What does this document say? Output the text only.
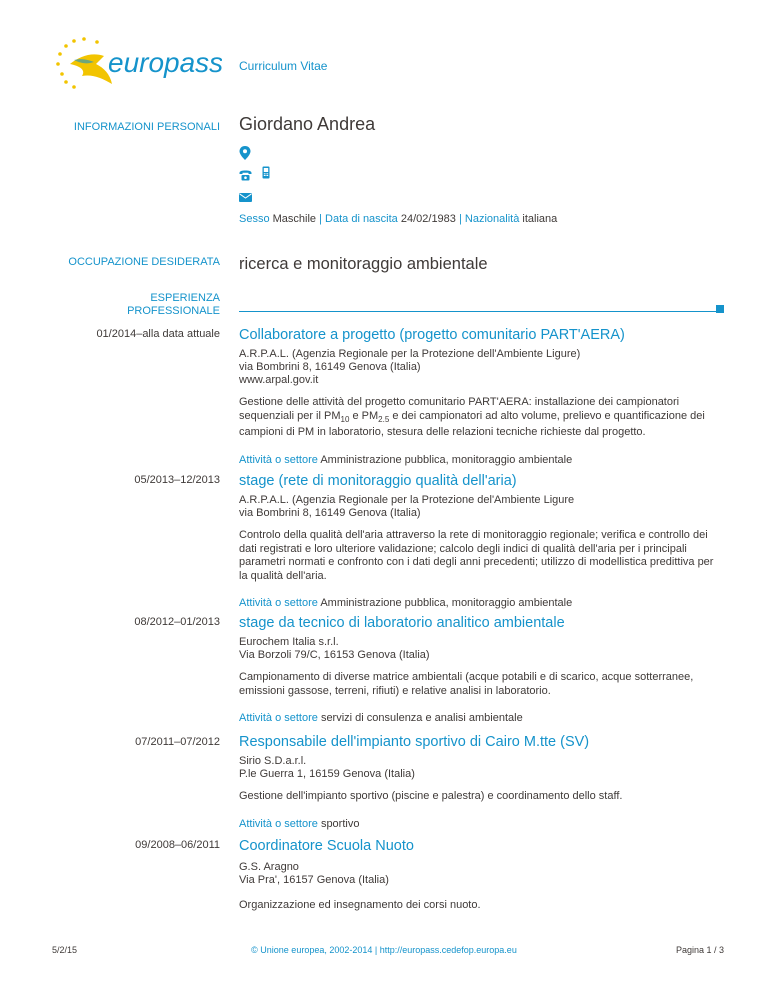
europass Curriculum Vitae
INFORMAZIONI PERSONALI Giordano Andrea
Sesso Maschile | Data di nascita 24/02/1983 | Nazionalità italiana
OCCUPAZIONE DESIDERATA ricerca e monitoraggio ambientale
ESPERIENZA
PROFESSIONALE
01/2014–alla data attuale Collaboratore a progetto (progetto comunitario PART'AERA)
A.R.P.A.L. (Agenzia Regionale per la Protezione dell'Ambiente Ligure)
via Bombrini 8, 16149 Genova (Italia)
www.arpal.gov.it
Gestione delle attività del progetto comunitario PART'AERA: installazione dei campionatori sequenziali per il $PM_{10}$ e $PM_{2.5}$ e dei campionatori ad alto volume, prelievo e quantificazione dei campioni di PM in laboratorio, stesura delle relazioni tecniche richieste dal progetto.
Attività o settore Amministrazione pubblica, monitoraggio ambientale
05/2013–12/2013 stage (rete di monitoraggio qualità dell'aria)
A.R.P.A.L. (Agenzia Regionale per la Protezione del'Ambiente Ligure
via Bombrini 8, 16149 Genova (Italia)
Controlo della qualità dell'aria attraverso la rete di monitoraggio regionale; verifica e controllo dei dati registrati e loro ulteriore validazione; calcolo degli indici di qualità dell'aria per i principali parametri normati e confronto con i dati degli anni precedenti; utilizzo di modellistica predittiva per la qualità dell'aria.
Attività o settore Amministrazione pubblica, monitoraggio ambientale
08/2012–01/2013 stage da tecnico di laboratorio analitico ambientale
Eurochem Italia s.r.l.
Via Borzoli 79/C, 16153 Genova (Italia)
Campionamento di diverse matrice ambientali (acque potabili e di scarico, acque sotterranee, emissioni gassose, terreni, rifiuti) e relative analisi in laboratorio.
Attività o settore servizi di consulenza e analisi ambientale
07/2011–07/2012 Responsabile dell'impianto sportivo di Cairo M.tte (SV)
Sirio S.D.a.r.l.
P.le Guerra 1, 16159 Genova (Italia)
Gestione dell'impianto sportivo (piscine e palestra) e coordinamento dello staff.
Attività o settore sportivo
09/2008–06/2011 Coordinatore Scuola Nuoto
G.S. Aragno
Via Pra', 16157 Genova (Italia)
Organizzazione ed insegnamento dei corsi nuoto.
5/2/15	© Unione europea, 2002-2014 | http://europass.cedefop.europa.eu	Pagina 1 / 3
